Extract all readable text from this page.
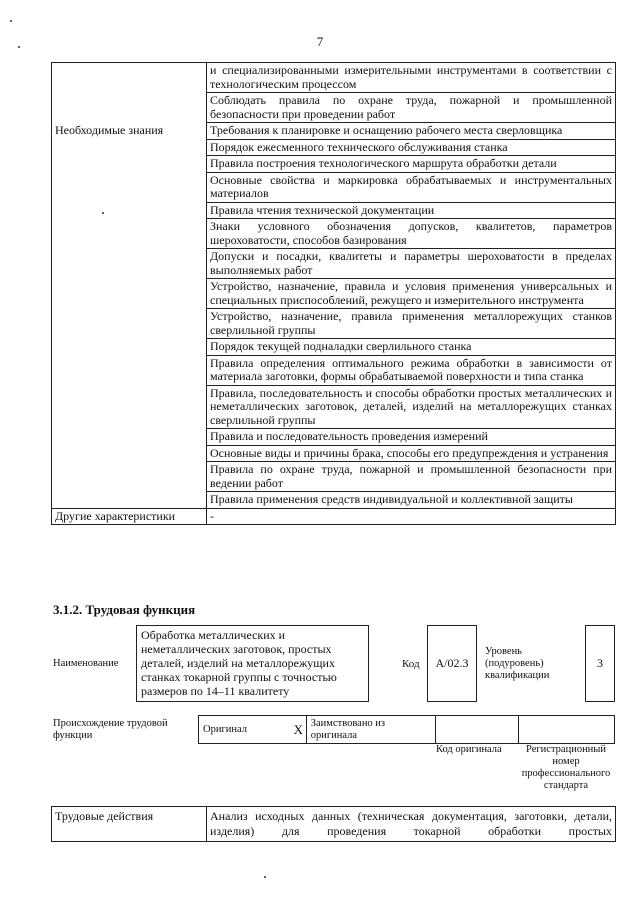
7
	и специализированными измерительными инструментами в соответствии с технологическим процессом
	Соблюдать правила по охране труда, пожарной и промышленной безопасности при проведении работ
Необходимые знания	Требования к планировке и оснащению рабочего места сверловщика
	Порядок ежесменного технического обслуживания станка
	Правила построения технологического маршрута обработки детали
	Основные свойства и маркировка обрабатываемых и инструментальных материалов
	Правила чтения технической документации
	Знаки условного обозначения допусков, квалитетов, параметров шероховатости, способов базирования
	Допуски и посадки, квалитеты и параметры шероховатости в пределах выполняемых работ
	Устройство, назначение, правила и условия применения универсальных и специальных приспособлений, режущего и измерительного инструмента
	Устройство, назначение, правила применения металлорежущих станков сверлильной группы
	Порядок текущей подналадки сверлильного станка
	Правила определения оптимального режима обработки в зависимости от материала заготовки, формы обрабатываемой поверхности и типа станка
	Правила, последовательность и способы обработки простых металлических и неметаллических заготовок, деталей, изделий на металлорежущих станках сверлильной группы
	Правила и последовательность проведения измерений
	Основные виды и причины брака, способы его предупреждения и устранения
	Правила по охране труда, пожарной и промышленной безопасности при ведении работ
	Правила применения средств индивидуальной и коллективной защиты
Другие характеристики	-
3.1.2. Трудовая функция
Наименование
Обработка металлических и неметаллических заготовок, простых деталей, изделий на металлорежущих станках токарной группы с точностью размеров по 14–11 квалитету
Код A/02.3
Уровень (подуровень) квалификации
3
Происхождение трудовой функции
Оригинал	X	Заимствовано из оригинала		
Код оригинала	Регистрационный номер профессионального стандарта
Трудовые действия	Анализ исходных данных (техническая документация, заготовки, детали, изделия) для проведения токарной обработки простых
